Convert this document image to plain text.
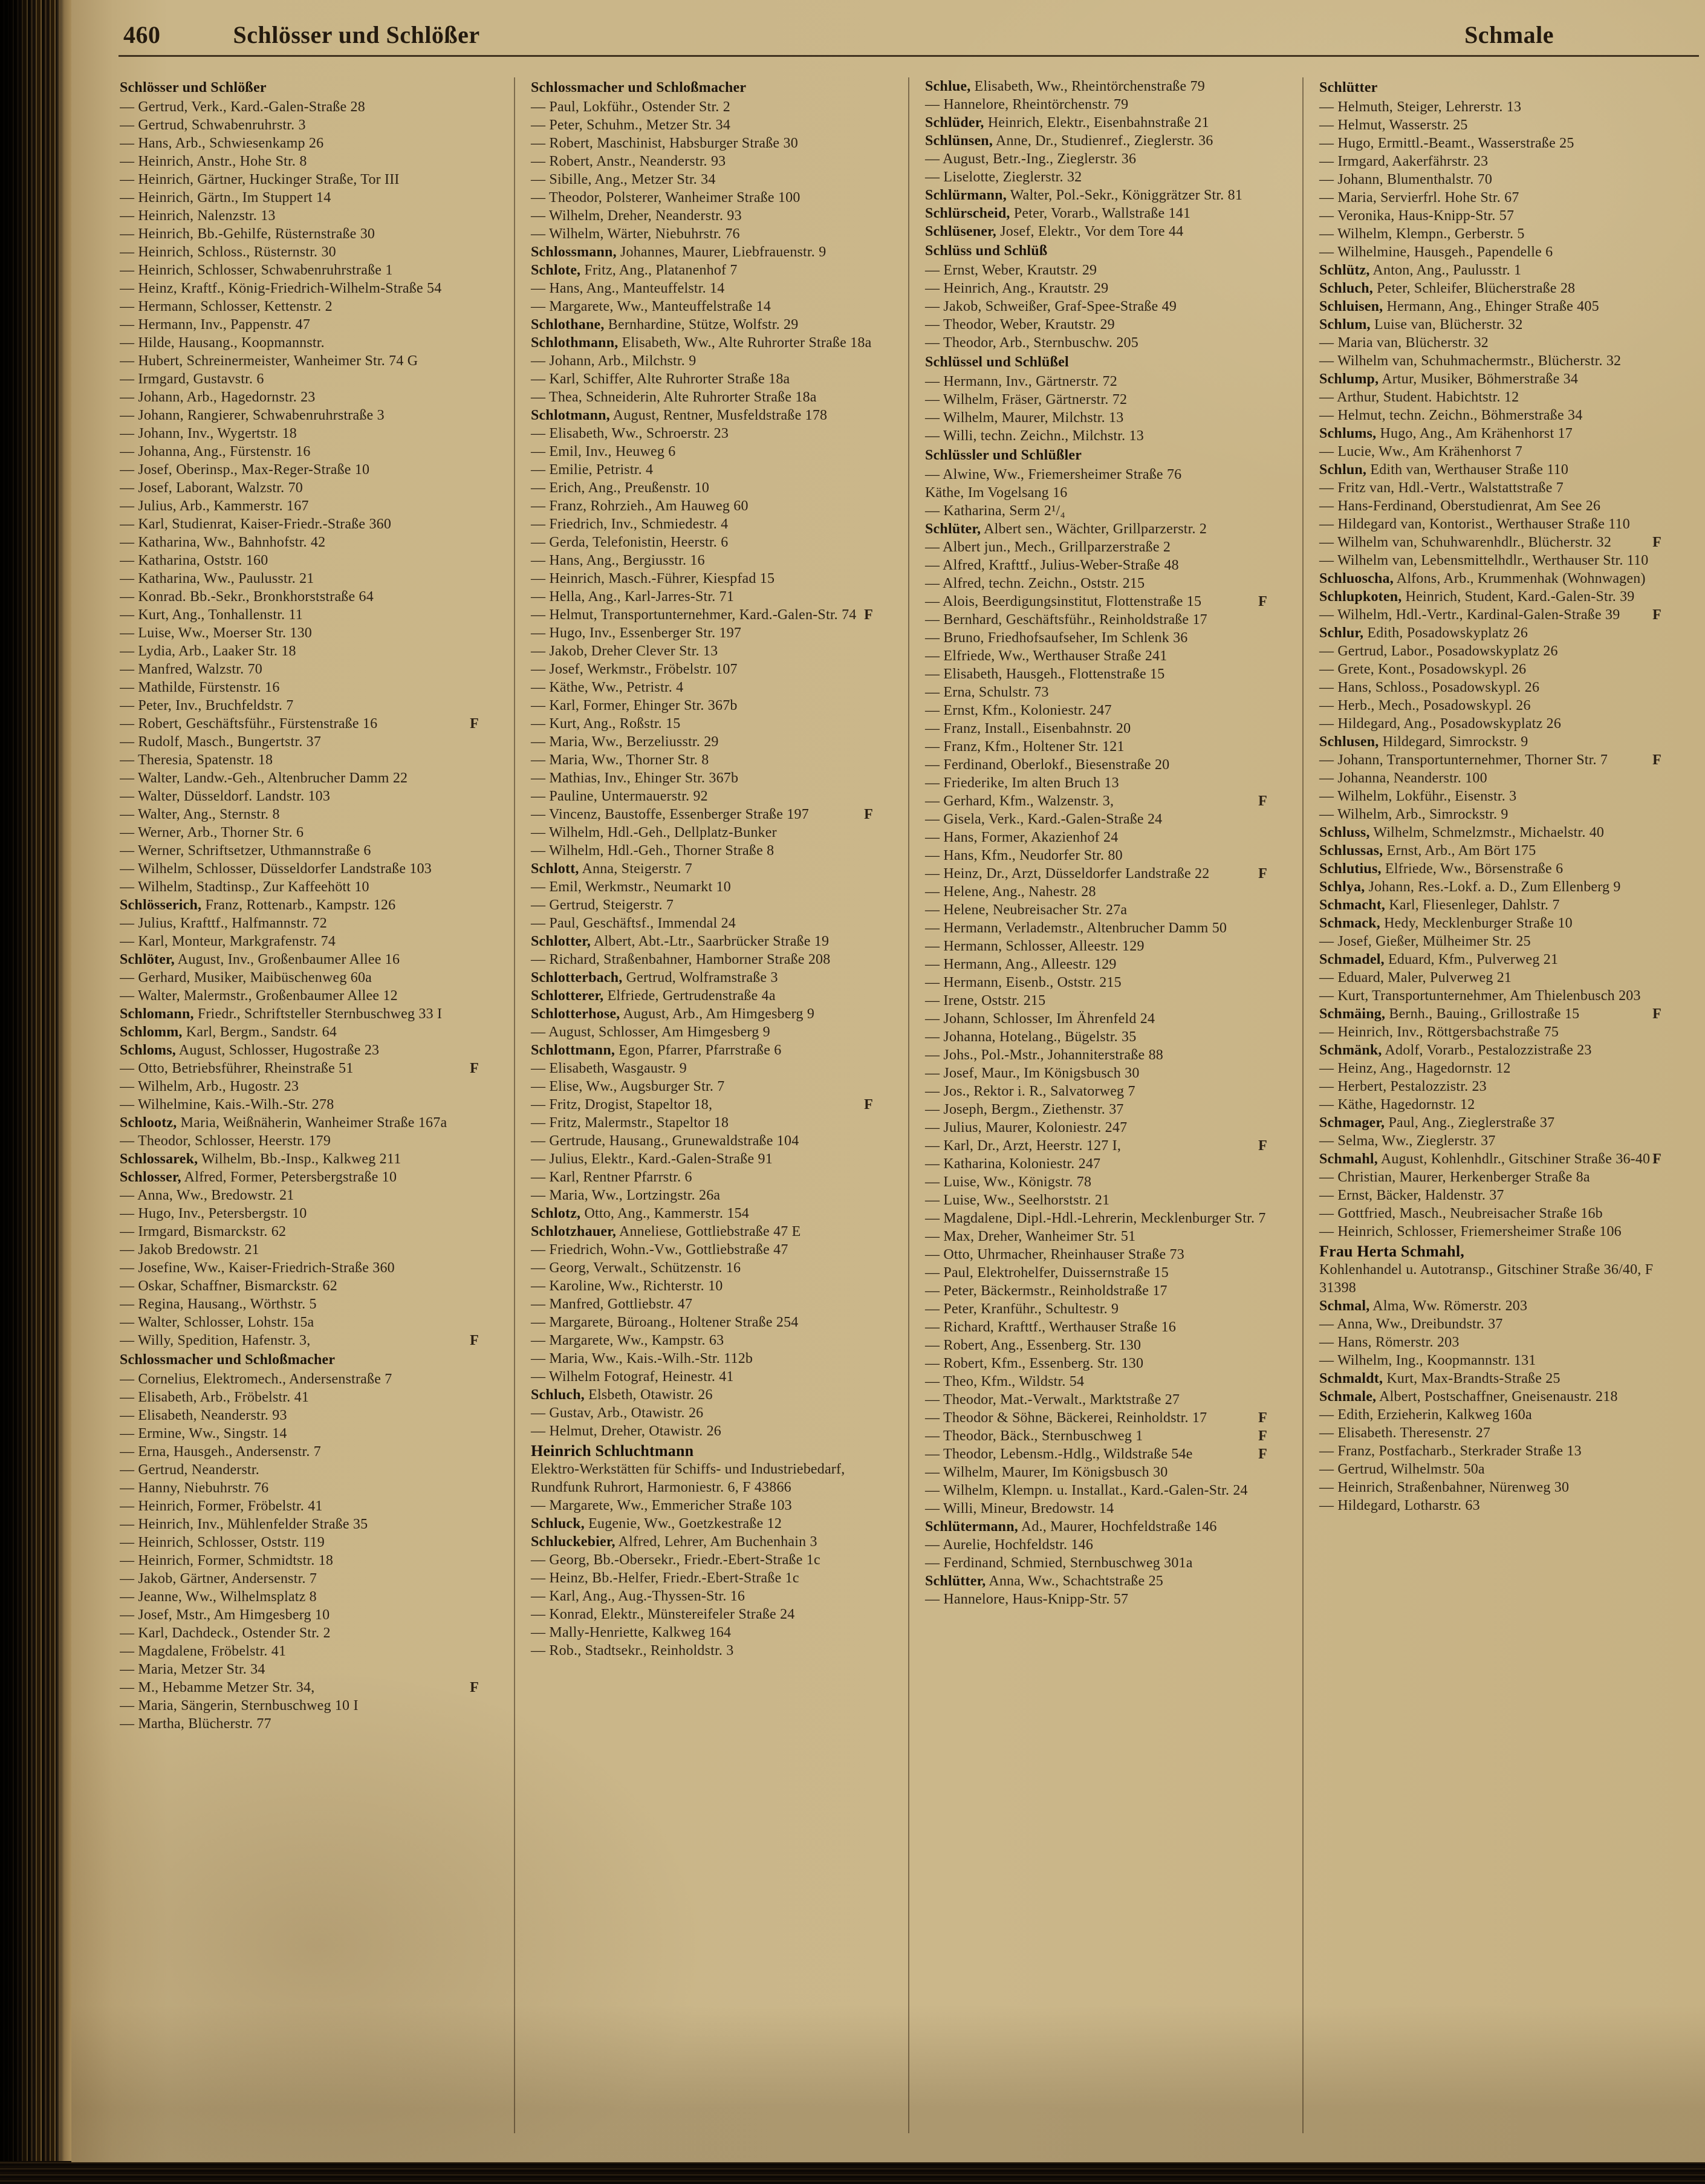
460	Schlösser und Schlößer	Schmale
Schlösser und Schlößer
— Gertrud, Verk., Kard.-Galen-Straße 28
— Gertrud, Schwabenruhrstr. 3
— Hans, Arb., Schwiesenkamp 26
— Heinrich, Anstr., Hohe Str. 8
— Heinrich, Gärtner, Huckinger Straße, Tor III
— Heinrich, Gärtn., Im Stuppert 14
— Heinrich, Nalenzstr. 13
— Heinrich, Bb.-Gehilfe, Rüsternstraße 30
— Heinrich, Schloss., Rüsternstr. 30
— Heinrich, Schlosser, Schwabenruhrstraße 1
— Heinz, Kraftf., König-Friedrich-Wilhelm-Straße 54
— Hermann, Schlosser, Kettenstr. 2
— Hermann, Inv., Pappenstr. 47
— Hilde, Hausang., Koopmannstr.
— Hubert, Schreinermeister, Wanheimer Str. 74 G
— Irmgard, Gustavstr. 6
— Johann, Arb., Hagedornstr. 23
— Johann, Rangierer, Schwabenruhrstraße 3
— Johann, Inv., Wygertstr. 18
— Johanna, Ang., Fürstenstr. 16
— Josef, Oberinsp., Max-Reger-Straße 10
— Josef, Laborant, Walzstr. 70
— Julius, Arb., Kammerstr. 167
— Karl, Studienrat, Kaiser-Friedr.-Straße 360
— Katharina, Ww., Bahnhofstr. 42
— Katharina, Oststr. 160
— Katharina, Ww., Paulusstr. 21
— Konrad. Bb.-Sekr., Bronkhorststraße 64
— Kurt, Ang., Tonhallenstr. 11
— Luise, Ww., Moerser Str. 130
— Lydia, Arb., Laaker Str. 18
— Manfred, Walzstr. 70
— Mathilde, Fürstenstr. 16
— Peter, Inv., Bruchfeldstr. 7
— Robert, Geschäftsführ., Fürstenstraße 16	F
— Rudolf, Masch., Bungertstr. 37
— Theresia, Spatenstr. 18
— Walter, Landw.-Geh., Altenbrucher Damm 22
— Walter, Düsseldorf. Landstr. 103
— Walter, Ang., Sternstr. 8
— Werner, Arb., Thorner Str. 6
— Werner, Schriftsetzer, Uthmannstraße 6
— Wilhelm, Schlosser, Düsseldorfer Landstraße 103
— Wilhelm, Stadtinsp., Zur Kaffeehött 10
Schlösserich, Franz, Rottenarb., Kampstr. 126
— Julius, Krafttf., Halfmannstr. 72
— Karl, Monteur, Markgrafenstr. 74
Schlöter, August, Inv., Großenbaumer Allee 16
— Gerhard, Musiker, Maibüschenweg 60a
— Walter, Malermstr., Großenbaumer Allee 12
Schlomann, Friedr., Schriftsteller Sternbuschweg 33 I
Schlomm, Karl, Bergm., Sandstr. 64
Schloms, August, Schlosser, Hugostraße 23
— Otto, Betriebsführer, Rheinstraße 51	F
— Wilhelm, Arb., Hugostr. 23
— Wilhelmine, Kais.-Wilh.-Str. 278
Schlootz, Maria, Weißnäherin, Wanheimer Straße 167a
— Theodor, Schlosser, Heerstr. 179
Schlossarek, Wilhelm, Bb.-Insp., Kalkweg 211
Schlosser, Alfred, Former, Petersbergstraße 10
— Anna, Ww., Bredowstr. 21
— Hugo, Inv., Petersbergstr. 10
— Irmgard, Bismarckstr. 62
— Jakob Bredowstr. 21
— Josefine, Ww., Kaiser-Friedrich-Straße 360
— Oskar, Schaffner, Bismarckstr. 62
— Regina, Hausang., Wörthstr. 5
— Walter, Schlosser, Lohstr. 15a
— Willy, Spedition, Hafenstr. 3,	F
Schlossmacher und Schloßmacher
— Cornelius, Elektromech., Andersenstraße 7
— Elisabeth, Arb., Fröbelstr. 41
— Elisabeth, Neanderstr. 93
— Ermine, Ww., Singstr. 14
— Erna, Hausgeh., Andersenstr. 7
— Gertrud, Neanderstr.
— Hanny, Niebuhrstr. 76
— Heinrich, Former, Fröbelstr. 41
— Heinrich, Inv., Mühlenfelder Straße 35
— Heinrich, Schlosser, Oststr. 119
— Heinrich, Former, Schmidtstr. 18
— Jakob, Gärtner, Andersenstr. 7
— Jeanne, Ww., Wilhelmsplatz 8
— Josef, Mstr., Am Himgesberg 10
— Karl, Dachdeck., Ostender Str. 2
— Magdalene, Fröbelstr. 41
— Maria, Metzer Str. 34
— M., Hebamme Metzer Str. 34,	F
— Maria, Sängerin, Sternbuschweg 10 I
— Martha, Blücherstr. 77
Schlossmacher und Schloßmacher
— Paul, Lokführ., Ostender Str. 2
— Peter, Schuhm., Metzer Str. 34
— Robert, Maschinist, Habsburger Straße 30
— Robert, Anstr., Neanderstr. 93
— Sibille, Ang., Metzer Str. 34
— Theodor, Polsterer, Wanheimer Straße 100
— Wilhelm, Dreher, Neanderstr. 93
— Wilhelm, Wärter, Niebuhrstr. 76
Schlossmann, Johannes, Maurer, Liebfrauenstr. 9
Schlote, Fritz, Ang., Platanenhof 7
— Hans, Ang., Manteuffelstr. 14
— Margarete, Ww., Manteuffelstraße 14
Schlothane, Bernhardine, Stütze, Wolfstr. 29
Schlothmann, Elisabeth, Ww., Alte Ruhrorter Straße 18a
— Johann, Arb., Milchstr. 9
— Karl, Schiffer, Alte Ruhrorter Straße 18a
— Thea, Schneiderin, Alte Ruhrorter Straße 18a
Schlotmann, August, Rentner, Musfeldstraße 178
— Elisabeth, Ww., Schroerstr. 23
— Emil, Inv., Heuweg 6
— Emilie, Petristr. 4
— Erich, Ang., Preußenstr. 10
— Franz, Rohrzieh., Am Hauweg 60
— Friedrich, Inv., Schmiedestr. 4
— Gerda, Telefonistin, Heerstr. 6
— Hans, Ang., Bergiusstr. 16
— Heinrich, Masch.-Führer, Kiespfad 15
— Hella, Ang., Karl-Jarres-Str. 71
— Helmut, Transportunternehmer, Kard.-Galen-Str. 74 F
— Hugo, Inv., Essenberger Str. 197
— Jakob, Dreher Clever Str. 13
— Josef, Werkmstr., Fröbelstr. 107
— Käthe, Ww., Petristr. 4
— Karl, Former, Ehinger Str. 367b
— Kurt, Ang., Roßstr. 15
— Maria, Ww., Berzeliusstr. 29
— Maria, Ww., Thorner Str. 8
— Mathias, Inv., Ehinger Str. 367b
— Pauline, Untermauerstr. 92
— Vincenz, Baustoffe, Essenberger Straße 197	F
— Wilhelm, Hdl.-Geh., Dellplatz-Bunker
— Wilhelm, Hdl.-Geh., Thorner Straße 8
Schlott, Anna, Steigerstr. 7
— Emil, Werkmstr., Neumarkt 10
— Gertrud, Steigerstr. 7
— Paul, Geschäftsf., Immendal 24
Schlotter, Albert, Abt.-Ltr., Saarbrücker Straße 19
— Richard, Straßenbahner, Hamborner Straße 208
Schlotterbach, Gertrud, Wolframstraße 3
Schlotterer, Elfriede, Gertrudenstraße 4a
Schlotterhose, August, Arb., Am Himgesberg 9
— August, Schlosser, Am Himgesberg 9
Schlottmann, Egon, Pfarrer, Pfarrstraße 6
— Elisabeth, Wasgaustr. 9
— Elise, Ww., Augsburger Str. 7
— Fritz, Drogist, Stapeltor 18,	F
— Fritz, Malermstr., Stapeltor 18
— Gertrude, Hausang., Grunewaldstraße 104
— Julius, Elektr., Kard.-Galen-Straße 91
— Karl, Rentner Pfarrstr. 6
— Maria, Ww., Lortzingstr. 26a
Schlotz, Otto, Ang., Kammerstr. 154
Schlotzhauer, Anneliese, Gottliebstraße 47 E
— Friedrich, Wohn.-Vw., Gottliebstraße 47
— Georg, Verwalt., Schützenstr. 16
— Karoline, Ww., Richterstr. 10
— Manfred, Gottliebstr. 47
— Margarete, Büroang., Holtener Straße 254
— Margarete, Ww., Kampstr. 63
— Maria, Ww., Kais.-Wilh.-Str. 112b
— Wilhelm Fotograf, Heinestr. 41
Schluch, Elsbeth, Otawistr. 26
— Gustav, Arb., Otawistr. 26
— Helmut, Dreher, Otawistr. 26
Heinrich Schluchtmann
Elektro-Werkstätten für Schiffs- und Industriebedarf, Rundfunk Ruhrort, Harmoniestr. 6, F 43866
— Margarete, Ww., Emmericher Straße 103
Schluck, Eugenie, Ww., Goetzkestraße 12
Schluckebier, Alfred, Lehrer, Am Buchenhain 3
— Georg, Bb.-Obersekr., Friedr.-Ebert-Straße 1c
— Heinz, Bb.-Helfer, Friedr.-Ebert-Straße 1c
— Karl, Ang., Aug.-Thyssen-Str. 16
— Konrad, Elektr., Münstereifeler Straße 24
— Mally-Henriette, Kalkweg 164
— Rob., Stadtsekr., Reinholdstr. 3
Schlue, Elisabeth, Ww., Rheintörchenstraße 79
— Hannelore, Rheintörchenstr. 79
Schlüder, Heinrich, Elektr., Eisenbahnstraße 21
Schlünsen, Anne, Dr., Studienref., Zieglerstr. 36
— August, Betr.-Ing., Zieglerstr. 36
— Liselotte, Zieglerstr. 32
Schlürmann, Walter, Pol.-Sekr., Königgrätzer Str. 81
Schlürscheid, Peter, Vorarb., Wallstraße 141
Schlüsener, Josef, Elektr., Vor dem Tore 44
Schlüss und Schlüß
— Ernst, Weber, Krautstr. 29
— Heinrich, Ang., Krautstr. 29
— Jakob, Schweißer, Graf-Spee-Straße 49
— Theodor, Weber, Krautstr. 29
— Theodor, Arb., Sternbuschw. 205
Schlüssel und Schlüßel
— Hermann, Inv., Gärtnerstr. 72
— Wilhelm, Fräser, Gärtnerstr. 72
— Wilhelm, Maurer, Milchstr. 13
— Willi, techn. Zeichn., Milchstr. 13
Schlüssler und Schlüßler
— Alwine, Ww., Friemersheimer Straße 76
Käthe, Im Vogelsang 16
— Katharina, Serm 2¹/₄
Schlüter, Albert sen., Wächter, Grillparzerstr. 2
— Albert jun., Mech., Grillparzerstraße 2
— Alfred, Krafttf., Julius-Weber-Straße 48
— Alfred, techn. Zeichn., Oststr. 215
— Alois, Beerdigungsinstitut, Flottenstraße 15	F
— Bernhard, Geschäftsführ., Reinholdstraße 17
— Bruno, Friedhofsaufseher, Im Schlenk 36
— Elfriede, Ww., Werthauser Straße 241
— Elisabeth, Hausgeh., Flottenstraße 15
— Erna, Schulstr. 73
— Ernst, Kfm., Koloniestr. 247
— Franz, Install., Eisenbahnstr. 20
— Franz, Kfm., Holtener Str. 121
— Ferdinand, Oberlokf., Biesenstraße 20
— Friederike, Im alten Bruch 13
— Gerhard, Kfm., Walzenstr. 3,	F
— Gisela, Verk., Kard.-Galen-Straße 24
— Hans, Former, Akazienhof 24
— Hans, Kfm., Neudorfer Str. 80
— Heinz, Dr., Arzt, Düsseldorfer Landstraße 22	F
— Helene, Ang., Nahestr. 28
— Helene, Neubreisacher Str. 27a
— Hermann, Verlademstr., Altenbrucher Damm 50
— Hermann, Schlosser, Alleestr. 129
— Hermann, Ang., Alleestr. 129
— Hermann, Eisenb., Oststr. 215
— Irene, Oststr. 215
— Johann, Schlosser, Im Ährenfeld 24
— Johanna, Hotelang., Bügelstr. 35
— Johs., Pol.-Mstr., Johanniterstraße 88
— Josef, Maur., Im Königsbusch 30
— Jos., Rektor i. R., Salvatorweg 7
— Joseph, Bergm., Ziethenstr. 37
— Julius, Maurer, Koloniestr. 247
— Karl, Dr., Arzt, Heerstr. 127 I,	F
— Katharina, Koloniestr. 247
— Luise, Ww., Königstr. 78
— Luise, Ww., Seelhorststr. 21
— Magdalene, Dipl.-Hdl.-Lehrerin, Mecklenburger Str. 7
— Max, Dreher, Wanheimer Str. 51
— Otto, Uhrmacher, Rheinhauser Straße 73
— Paul, Elektrohelfer, Duissernstraße 15
— Peter, Bäckermstr., Reinholdstraße 17
— Peter, Kranführ., Schultestr. 9
— Richard, Krafttf., Werthauser Straße 16
— Robert, Ang., Essenberg. Str. 130
— Robert, Kfm., Essenberg. Str. 130
— Theo, Kfm., Wildstr. 54
— Theodor, Mat.-Verwalt., Marktstraße 27
— Theodor & Söhne, Bäckerei, Reinholdstr. 17	F
— Theodor, Bäck., Sternbuschweg 1	F
— Theodor, Lebensm.-Hdlg., Wildstraße 54e	F
— Wilhelm, Maurer, Im Königsbusch 30
— Wilhelm, Klempn. u. Installat., Kard.-Galen-Str. 24
— Willi, Mineur, Bredowstr. 14
Schlütermann, Ad., Maurer, Hochfeldstraße 146
— Aurelie, Hochfeldstr. 146
— Ferdinand, Schmied, Sternbuschweg 301a
Schlütter, Anna, Ww., Schachtstraße 25
— Hannelore, Haus-Knipp-Str. 57
Schlütter
— Helmuth, Steiger, Lehrerstr. 13
— Helmut, Wasserstr. 25
— Hugo, Ermittl.-Beamt., Wasserstraße 25
— Irmgard, Aakerfährstr. 23
— Johann, Blumenthalstr. 70
— Maria, Servierfrl. Hohe Str. 67
— Veronika, Haus-Knipp-Str. 57
— Wilhelm, Klempn., Gerberstr. 5
— Wilhelmine, Hausgeh., Papendelle 6
Schlütz, Anton, Ang., Paulusstr. 1
Schluch, Peter, Schleifer, Blücherstraße 28
Schluisen, Hermann, Ang., Ehinger Straße 405
Schlum, Luise van, Blücherstr. 32
— Maria van, Blücherstr. 32
— Wilhelm van, Schuhmachermstr., Blücherstr. 32
Schlump, Artur, Musiker, Böhmerstraße 34
— Arthur, Student. Habichtstr. 12
— Helmut, techn. Zeichn., Böhmerstraße 34
Schlums, Hugo, Ang., Am Krähenhorst 17
— Lucie, Ww., Am Krähenhorst 7
Schlun, Edith van, Werthauser Straße 110
— Fritz van, Hdl.-Vertr., Walstattstraße 7
— Hans-Ferdinand, Oberstudienrat, Am See 26
— Hildegard van, Kontorist., Werthauser Straße 110
— Wilhelm van, Schuhwarenhdlr., Blücherstr. 32	F
— Wilhelm van, Lebensmittelhdlr., Werthauser Str. 110
Schluoscha, Alfons, Arb., Krummenhak (Wohnwagen)
Schlupkoten, Heinrich, Student, Kard.-Galen-Str. 39
— Wilhelm, Hdl.-Vertr., Kardinal-Galen-Straße 39 F
Schlur, Edith, Posadowskyplatz 26
— Gertrud, Labor., Posadowskyplatz 26
— Grete, Kont., Posadowskypl. 26
— Hans, Schloss., Posadowskypl. 26
— Herb., Mech., Posadowskypl. 26
— Hildegard, Ang., Posadowskyplatz 26
Schlusen, Hildegard, Simrockstr. 9
— Johann, Transportunternehmer, Thorner Str. 7	F
— Johanna, Neanderstr. 100
— Wilhelm, Lokführ., Eisenstr. 3
— Wilhelm, Arb., Simrockstr. 9
Schluss, Wilhelm, Schmelzmstr., Michaelstr. 40
Schlussas, Ernst, Arb., Am Bört 175
Schlutius, Elfriede, Ww., Börsenstraße 6
Schlya, Johann, Res.-Lokf. a. D., Zum Ellenberg 9
Schmacht, Karl, Fliesenleger, Dahlstr. 7
Schmack, Hedy, Mecklenburger Straße 10
— Josef, Gießer, Mülheimer Str. 25
Schmadel, Eduard, Kfm., Pulverweg 21
— Eduard, Maler, Pulverweg 21
— Kurt, Transportunternehmer, Am Thielenbusch 203
Schmäing, Bernh., Bauing., Grillostraße 15	F
— Heinrich, Inv., Röttgersbachstraße 75
Schmänk, Adolf, Vorarb., Pestalozzistraße 23
— Heinz, Ang., Hagedornstr. 12
— Herbert, Pestalozzistr. 23
— Käthe, Hagedornstr. 12
Schmager, Paul, Ang., Zieglerstraße 37
— Selma, Ww., Zieglerstr. 37
Schmahl, August, Kohlenhdlr., Gitschiner Straße 36-40 F
— Christian, Maurer, Herkenberger Straße 8a
— Ernst, Bäcker, Haldenstr. 37
— Gottfried, Masch., Neubreisacher Straße 16b
— Heinrich, Schlosser, Friemersheimer Straße 106
Frau Herta Schmahl,
Kohlenhandel u. Autotransp., Gitschiner Straße 36/40, F 31398
Schmal, Alma, Ww. Römerstr. 203
— Anna, Ww., Dreibundstr. 37
— Hans, Römerstr. 203
— Wilhelm, Ing., Koopmannstr. 131
Schmaldt, Kurt, Max-Brandts-Straße 25
Schmale, Albert, Postschaffner, Gneisenaustr. 218
— Edith, Erzieherin, Kalkweg 160a
— Elisabeth. Theresenstr. 27
— Franz, Postfacharb., Sterkrader Straße 13
— Gertrud, Wilhelmstr. 50a
— Heinrich, Straßenbahner, Nürenweg 30
— Hildegard, Lotharstr. 63
